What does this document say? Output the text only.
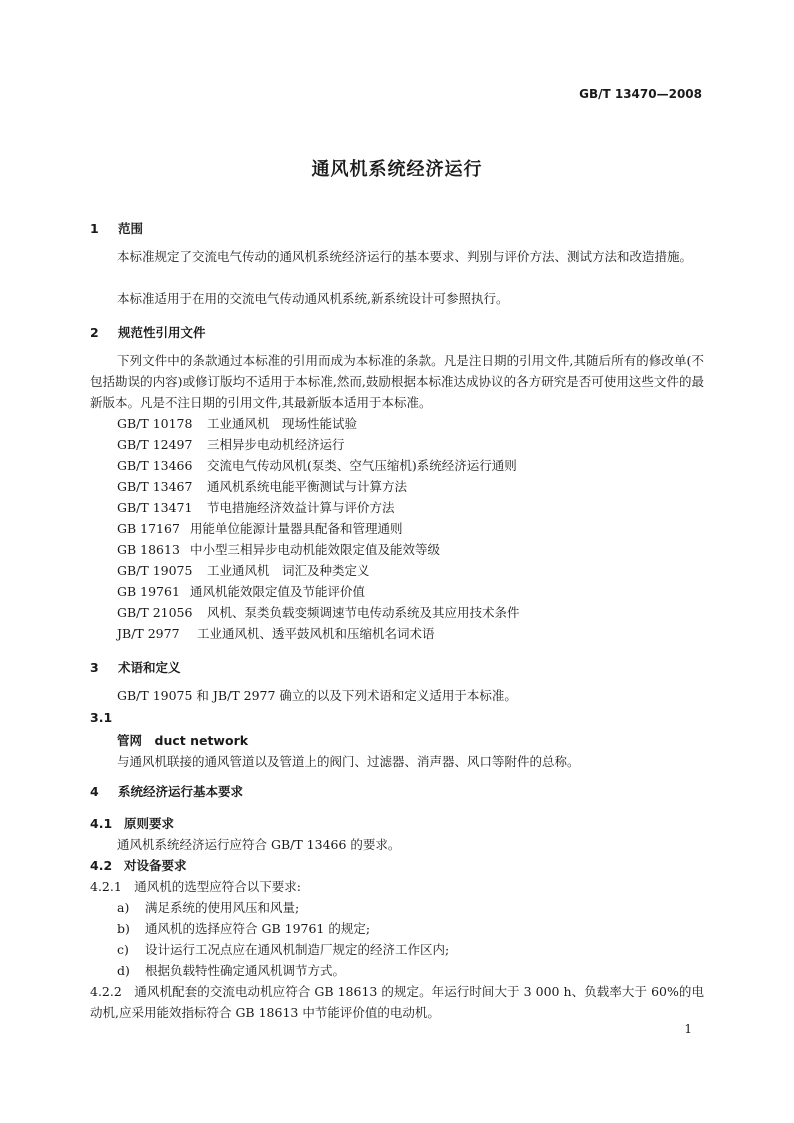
GB/T 13470—2008
通风机系统经济运行
1 范围
本标准规定了交流电气传动的通风机系统经济运行的基本要求、判别与评价方法、测试方法和改造措施。
本标准适用于在用的交流电气传动通风机系统,新系统设计可参照执行。
2 规范性引用文件
下列文件中的条款通过本标准的引用而成为本标准的条款。凡是注日期的引用文件,其随后所有的修改单(不包括勘误的内容)或修订版均不适用于本标准,然而,鼓励根据本标准达成协议的各方研究是否可使用这些文件的最新版本。凡是不注日期的引用文件,其最新版本适用于本标准。
GB/T 10178 工业通风机　现场性能试验
GB/T 12497 三相异步电动机经济运行
GB/T 13466 交流电气传动风机(泵类、空气压缩机)系统经济运行通则
GB/T 13467 通风机系统电能平衡测试与计算方法
GB/T 13471 节电措施经济效益计算与评价方法
GB 17167 用能单位能源计量器具配备和管理通则
GB 18613 中小型三相异步电动机能效限定值及能效等级
GB/T 19075 工业通风机　词汇及种类定义
GB 19761 通风机能效限定值及节能评价值
GB/T 21056 风机、泵类负载变频调速节电传动系统及其应用技术条件
JB/T 2977 工业通风机、透平鼓风机和压缩机名词术语
3 术语和定义
GB/T 19075 和 JB/T 2977 确立的以及下列术语和定义适用于本标准。
3.1
管网　duct network
与通风机联接的通风管道以及管道上的阀门、过滤器、消声器、风口等附件的总称。
4 系统经济运行基本要求
4.1 原则要求
通风机系统经济运行应符合 GB/T 13466 的要求。
4.2 对设备要求
4.2.1　通风机的选型应符合以下要求:
a) 满足系统的使用风压和风量;
b) 通风机的选择应符合 GB 19761 的规定;
c) 设计运行工况点应在通风机制造厂规定的经济工作区内;
d) 根据负载特性确定通风机调节方式。
4.2.2　通风机配套的交流电动机应符合 GB 18613 的规定。年运行时间大于 3 000 h、负载率大于 60%的电动机,应采用能效指标符合 GB 18613 中节能评价值的电动机。
1
